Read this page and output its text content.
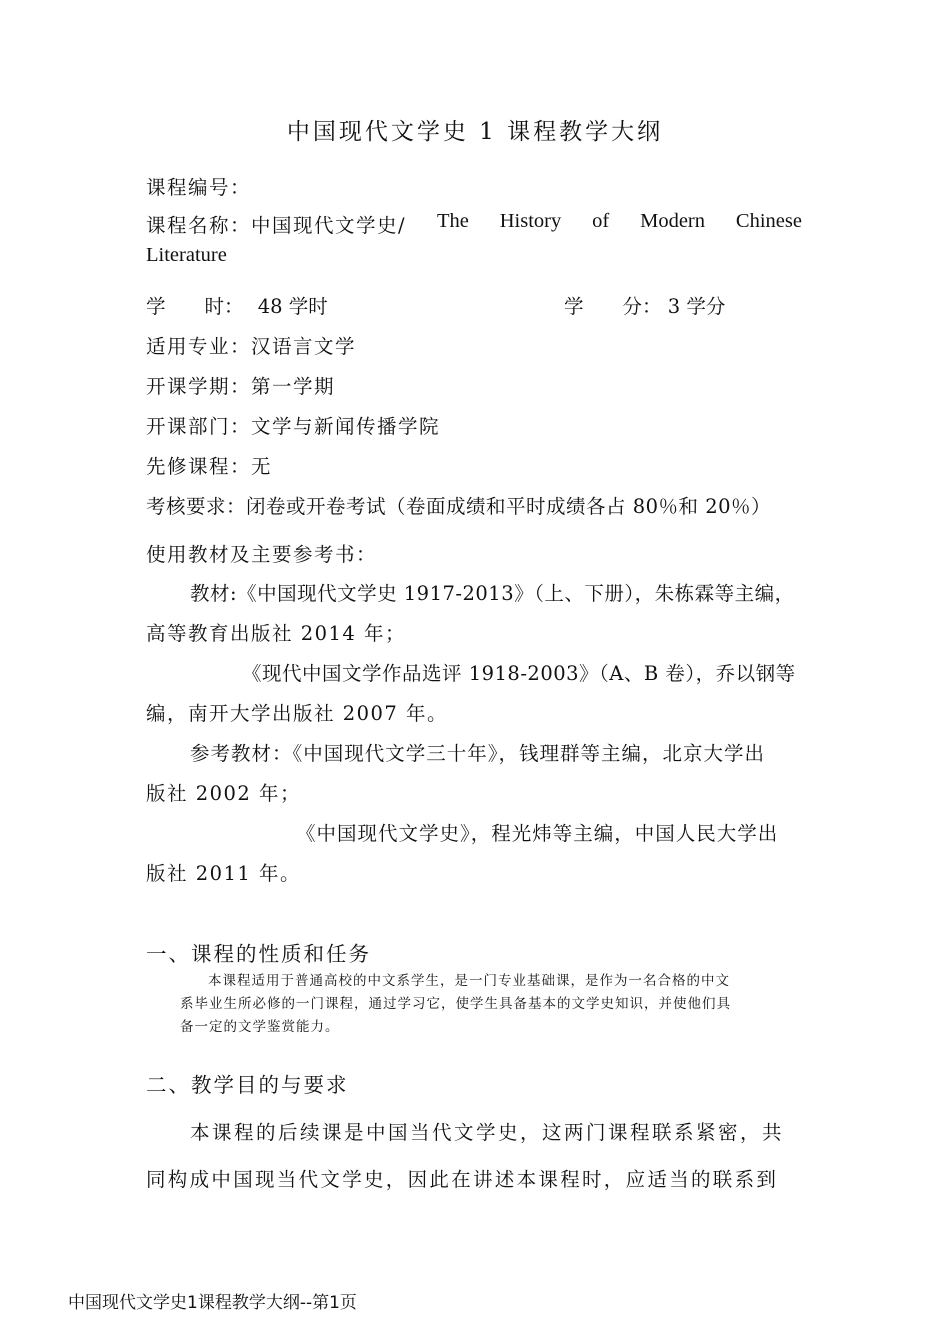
中国现代文学史 1 课程教学大纲
课程编号：
课程名称：中国现代文学史/ The History of Modern Chinese
Literature
学　　时： 48 学时	学　　分： 3 学分
适用专业：汉语言文学
开课学期：第一学期
开课部门：文学与新闻传播学院
先修课程：无
考核要求：闭卷或开卷考试（卷面成绩和平时成绩各占 80％和 20％）
使用教材及主要参考书：
教材:《中国现代文学史 1917-2013》（上、下册），朱栋霖等主编，
高等教育出版社 2014 年；
《现代中国文学作品选评 1918-2003》（A、B 卷），乔以钢等
编，南开大学出版社 2007 年。
参考教材：《中国现代文学三十年》，钱理群等主编，北京大学出
版社 2002 年；
《中国现代文学史》，程光炜等主编，中国人民大学出
版社 2011 年。
一、课程的性质和任务
本课程适用于普通高校的中文系学生，是一门专业基础课，是作为一名合格的中文
系毕业生所必修的一门课程，通过学习它，使学生具备基本的文学史知识，并使他们具
备一定的文学鉴赏能力。
二、教学目的与要求
本课程的后续课是中国当代文学史，这两门课程联系紧密，共
同构成中国现当代文学史，因此在讲述本课程时，应适当的联系到
中国现代文学史1课程教学大纲--第1页
